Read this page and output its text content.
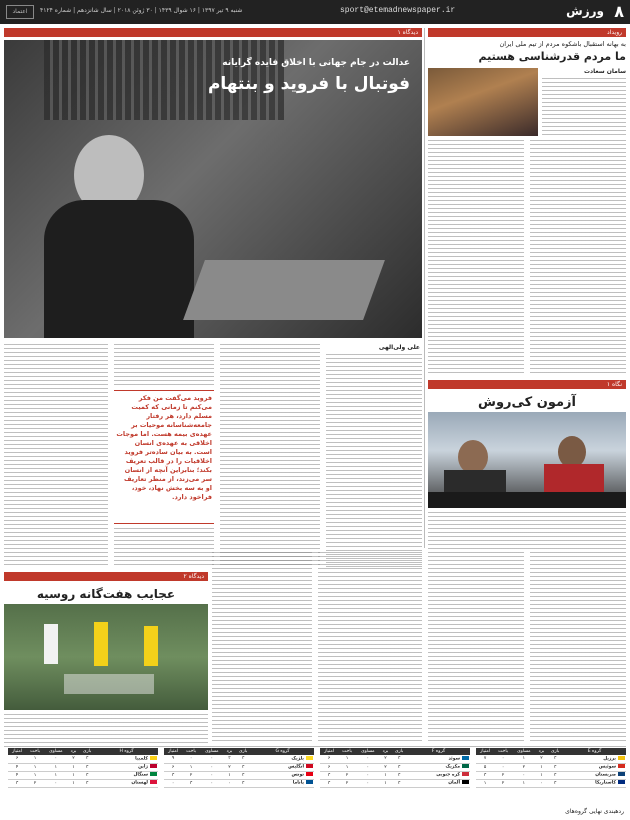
۸
ورزش
sport@etemadnewspaper.ir
شنبه ۹ تیر ۱۳۹۷ | ۱۶ شوال ۱۴۳۹ | ۳۰ ژوئن ۲۰۱۸ | سال شانزدهم | شماره ۴۱۲۴
اعتماد
رویداد
به بهانه استقبال باشکوه مردم از تیم ملی ایران
ما مردم قدرشناسی هستیم
سامان سعادت
دیدگاه ۱
عدالت در جام جهانی با اخلاق فایده گرایانه
فوتبال با فروید و بنتهام
علی ولی‌الهی
فروید می‌گفت من فکر می‌کنم تا زمانی که کمیت مسلم دارد، هر رفتار جامعه‌شناسانه موحیات بر عهده‌ی بیمه هست. اما موجات اخلاقی به عهده‌ی انسان است. به بیان ساده‌تر فروید اخلاقیات را در قالب تعریف بکند؛ بنابراین آنچه از انسان سر می‌زند، از منظر تعاریف او به سه بخش نهاد، خود، فراخود دارد.
نگاه ۱
آزمون کی‌روش
دیدگاه ۲
عجایب هفت‌گانه روسیه
گروه E	بازی	برد	مساوی	باخت	امتیاز
برزیل	۳	۲	۱	۰	۷
سوئیس	۳	۱	۲	۰	۵
صربستان	۳	۱	۰	۲	۳
کاستاریکا	۳	۰	۱	۲	۱
گروه F	بازی	برد	مساوی	باخت	امتیاز
سوئد	۳	۲	۰	۱	۶
مکزیک	۳	۲	۰	۱	۶
کره جنوبی	۳	۱	۰	۲	۳
آلمان	۳	۱	۰	۲	۳
گروه G	بازی	برد	مساوی	باخت	امتیاز
بلژیک	۳	۳	۰	۰	۹
انگلیس	۳	۲	۰	۱	۶
تونس	۳	۱	۰	۲	۳
پاناما	۳	۰	۰	۳	۰
گروه H	بازی	برد	مساوی	باخت	امتیاز
کلمبیا	۳	۲	۰	۱	۶
ژاپن	۳	۱	۱	۱	۴
سنگال	۳	۱	۱	۱	۴
لهستان	۳	۱	۰	۲	۳
ردهبندی نهایی گروه‌های
